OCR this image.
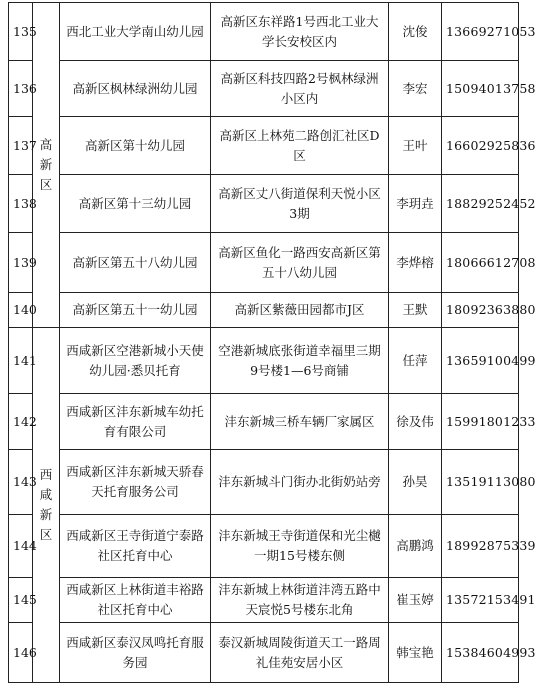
135	高新区	西北工业大学南山幼儿园	高新区东祥路1号西北工业大学长安校区内	沈俊	13669271053
136		高新区枫林绿洲幼儿园	高新区科技四路2号枫林绿洲小区内	李宏	15094013758
137		高新区第十幼儿园	高新区上林苑二路创汇社区D区	王叶	16602925836
138		高新区第十三幼儿园	高新区丈八街道保利天悦小区3期	李玥垚	18829252452
139		高新区第五十八幼儿园	高新区鱼化一路西安高新区第五十八幼儿园	李烨榕	18066612708
140		高新区第五十一幼儿园	高新区紫薇田园都市J区	王默	18092363880
141	西咸新区	西咸新区空港新城小天使幼儿园·悉贝托育	空港新城底张街道幸福里三期9号楼1—6号商铺	任萍	13659100499
142		西咸新区沣东新城车幼托育有限公司	沣东新城三桥车辆厂家属区	徐及伟	15991801233
143		西咸新区沣东新城天骄春天托育服务公司	沣东新城斗门街办北街奶站旁	孙昊	13519113080
144		西咸新区王寺街道宁泰路社区托育中心	沣东新城王寺街道保和光尘樾一期15号楼东侧	高鹏鸿	18992875339
145		西咸新区上林街道丰裕路社区托育中心	沣东新城上林街道沣湾五路中天宸悦5号楼东北角	崔玉婷	13572153491
146		西咸新区泰汉凤鸣托育服务园	泰汉新城周陵街道天工一路周礼佳苑安居小区	韩宝艳	15384604993
